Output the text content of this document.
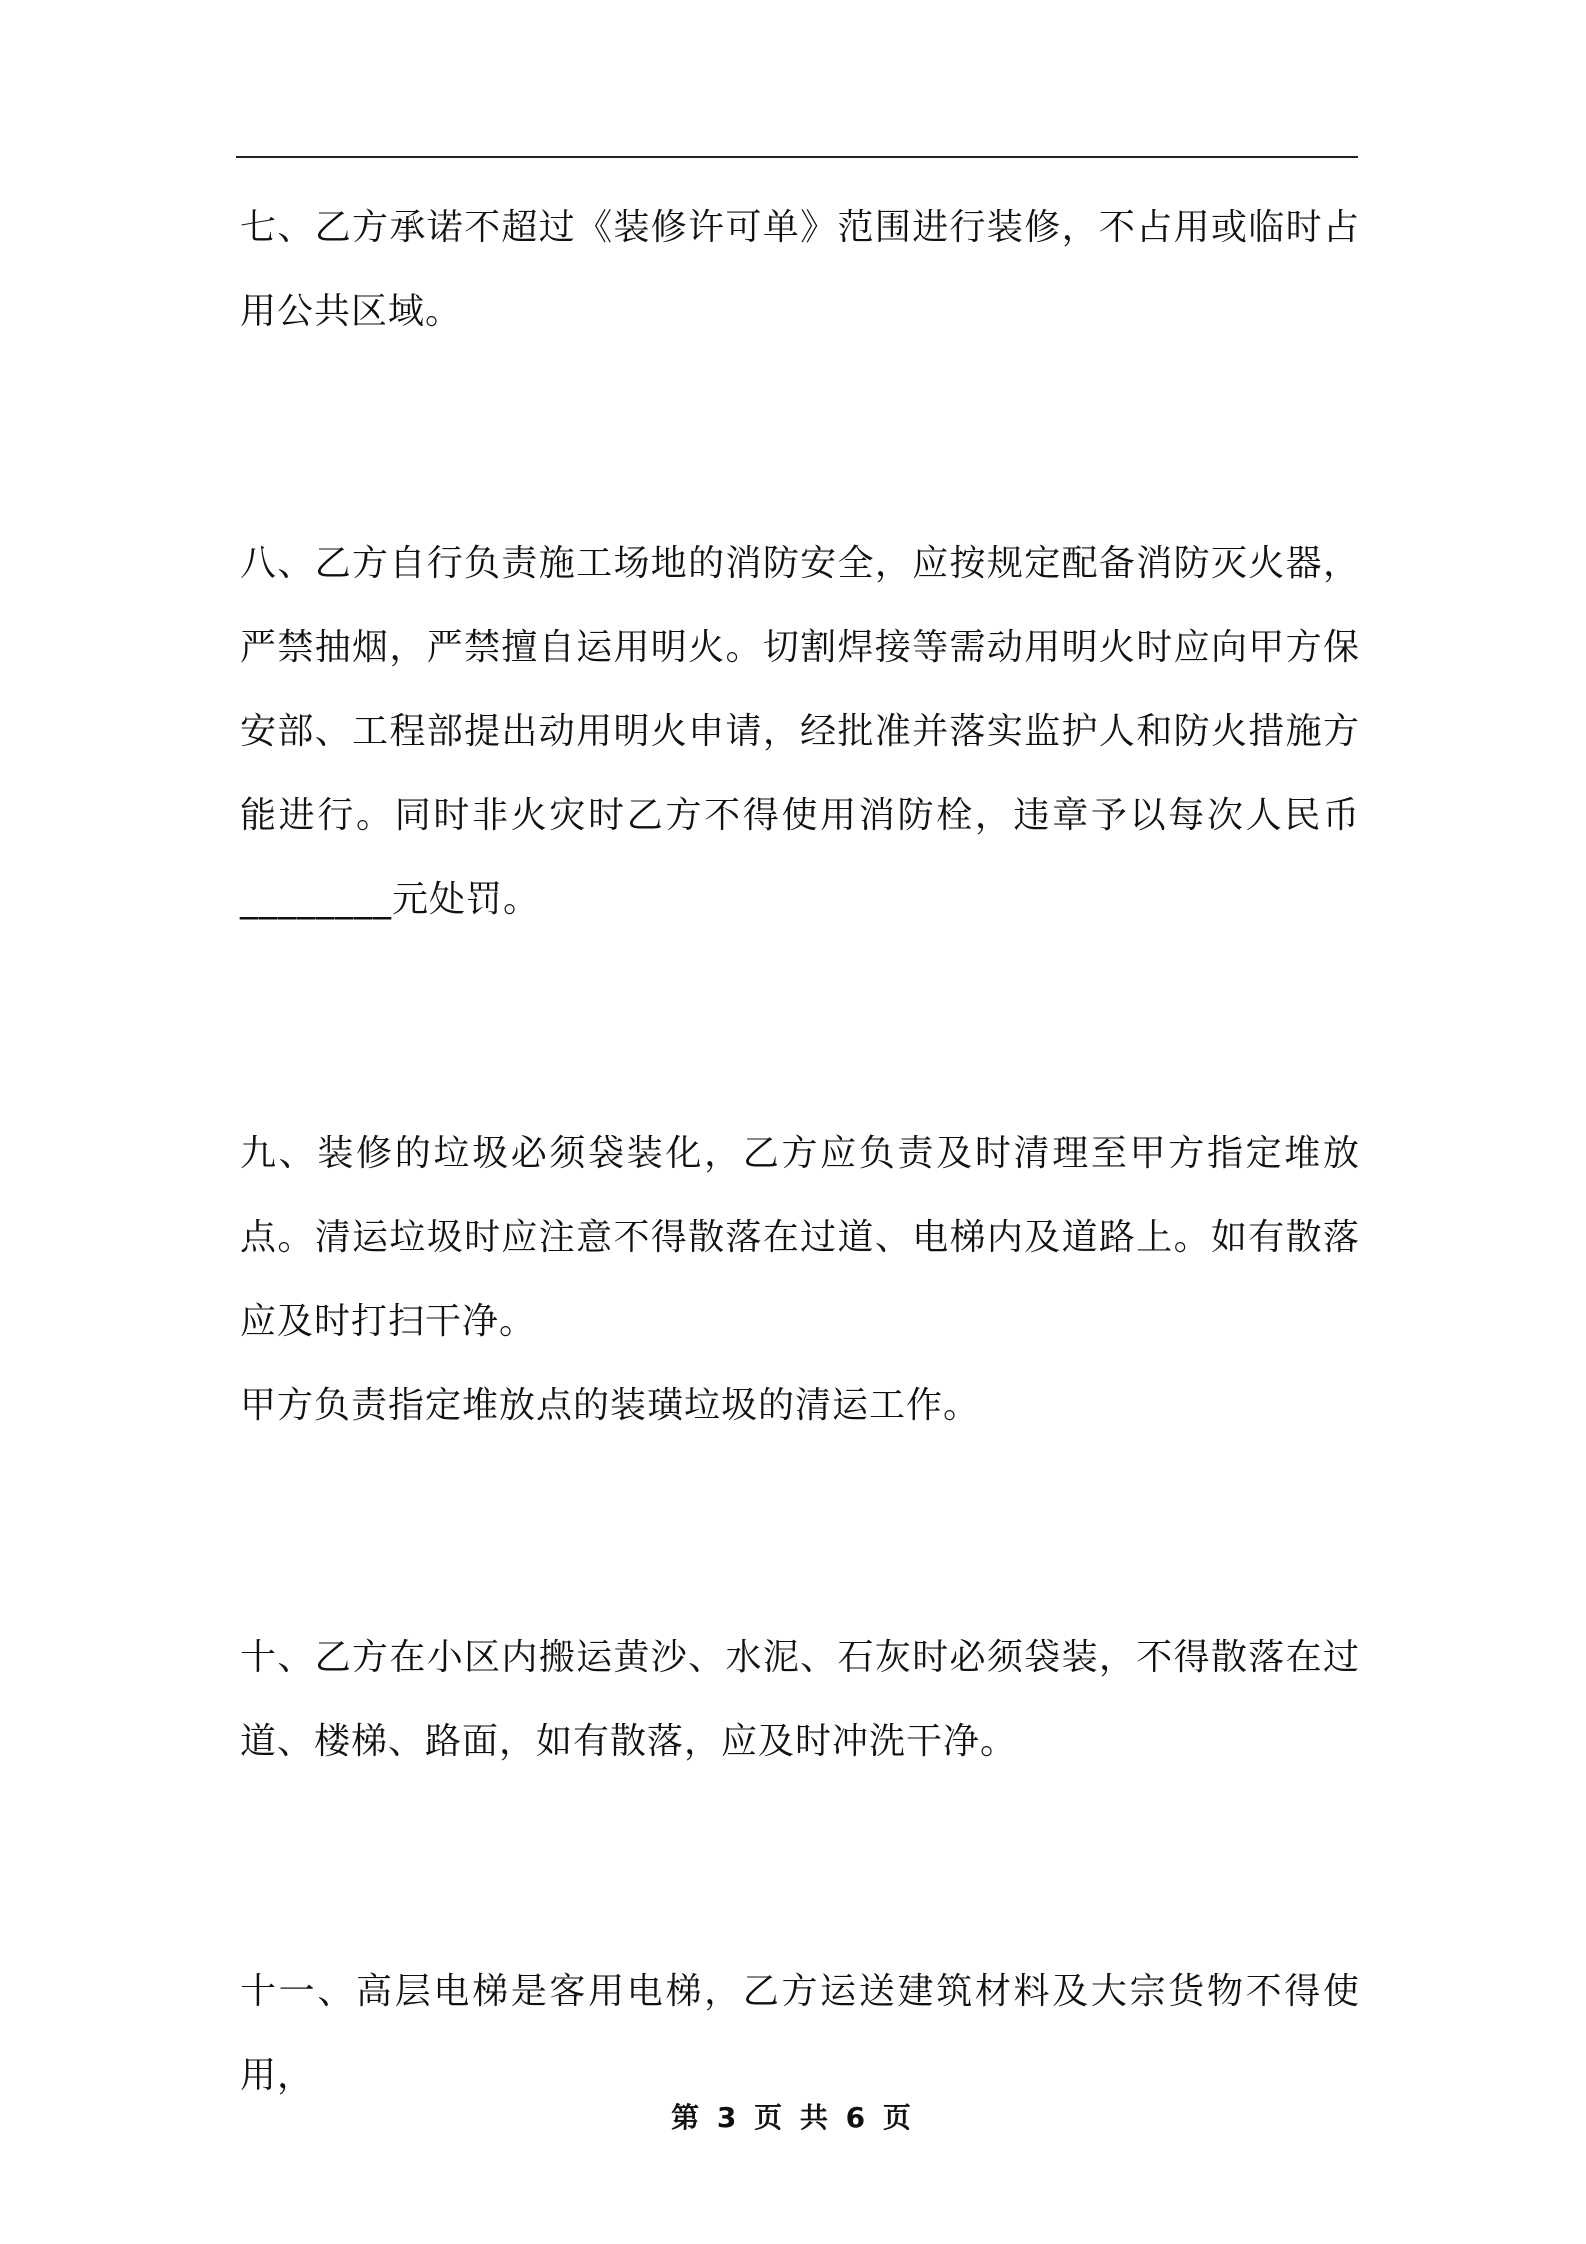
七、乙方承诺不超过《装修许可单》范围进行装修，不占用或临时占用公共区域。

八、乙方自行负责施工场地的消防安全，应按规定配备消防灭火器，严禁抽烟，严禁擅自运用明火。切割焊接等需动用明火时应向甲方保安部、工程部提出动用明火申请，经批准并落实监护人和防火措施方能进行。同时非火灾时乙方不得使用消防栓，违章予以每次人民币________元处罚。

九、装修的垃圾必须袋装化，乙方应负责及时清理至甲方指定堆放点。清运垃圾时应注意不得散落在过道、电梯内及道路上。如有散落应及时打扫干净。

甲方负责指定堆放点的装璜垃圾的清运工作。

十、乙方在小区内搬运黄沙、水泥、石灰时必须袋装，不得散落在过道、楼梯、路面，如有散落，应及时冲洗干净。

十一、高层电梯是客用电梯，乙方运送建筑材料及大宗货物不得使用，

第 3 页 共 6 页
